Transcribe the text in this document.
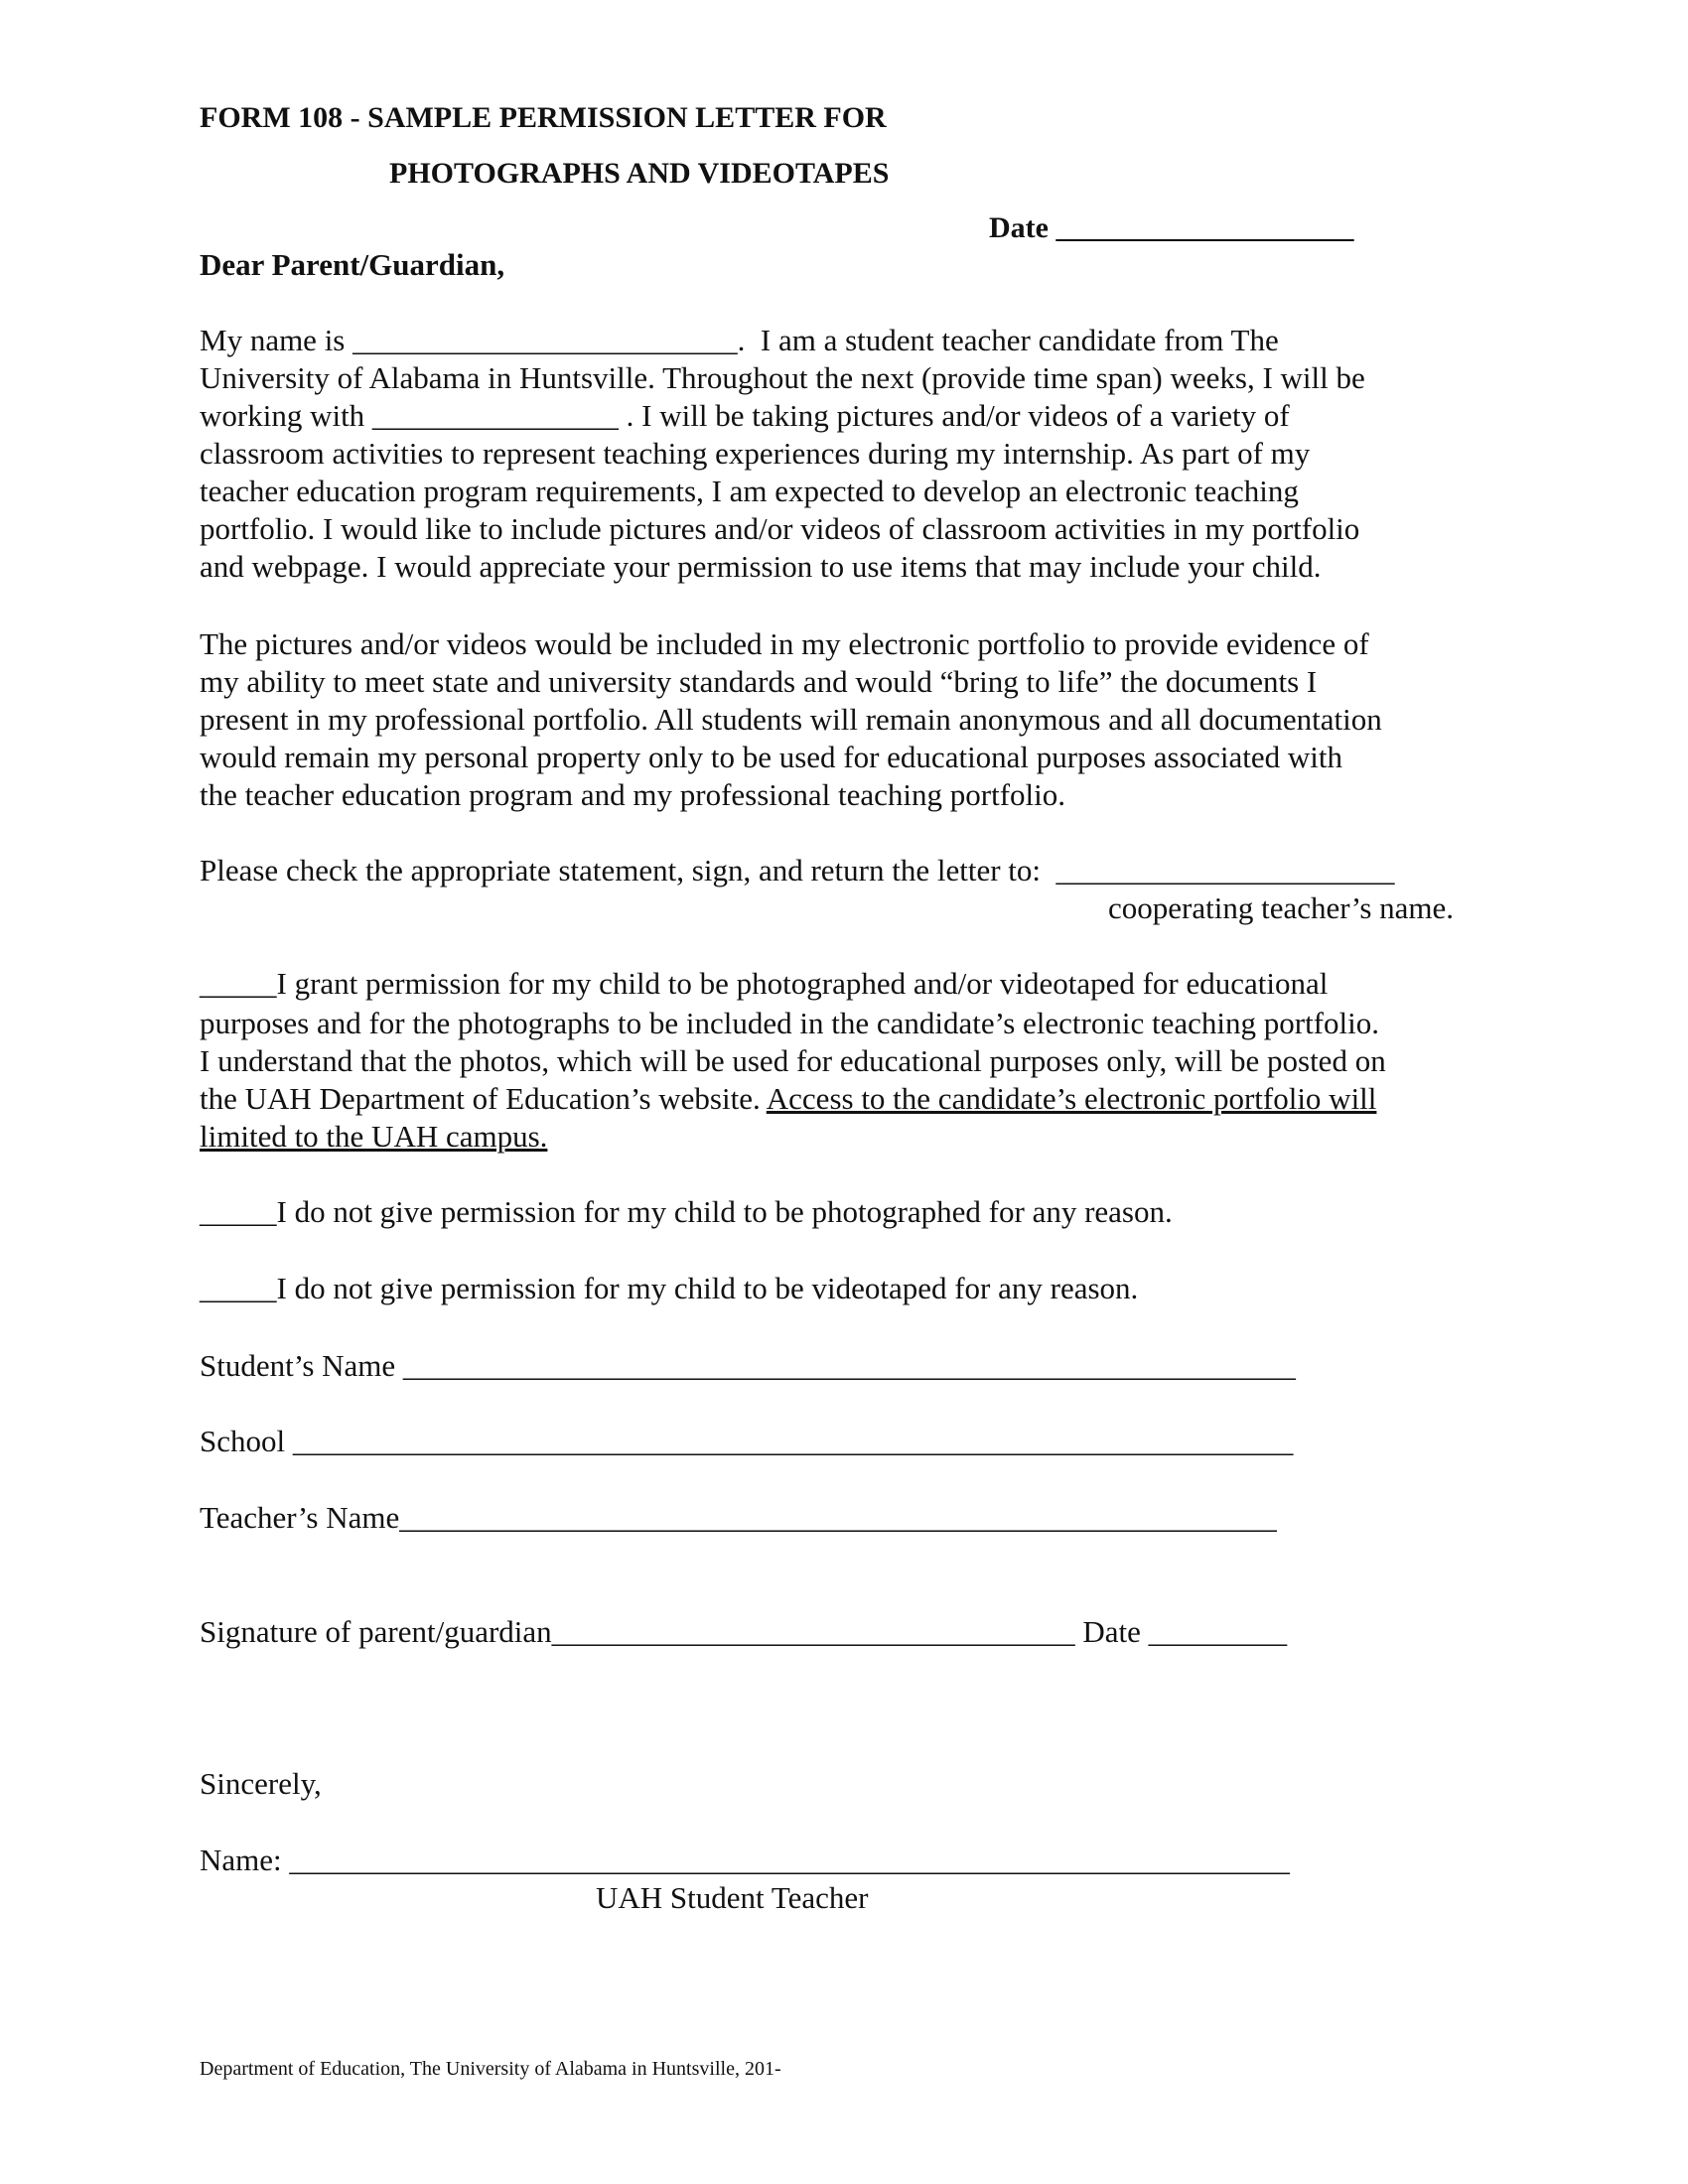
FORM 108 - SAMPLE PERMISSION LETTER FOR
PHOTOGRAPHS AND VIDEOTAPES
Date ____________________
Dear Parent/Guardian,
My name is _________________________.  I am a student teacher candidate from The
University of Alabama in Huntsville. Throughout the next (provide time span) weeks, I will be
working with ________________ . I will be taking pictures and/or videos of a variety of
classroom activities to represent teaching experiences during my internship. As part of my
teacher education program requirements, I am expected to develop an electronic teaching
portfolio. I would like to include pictures and/or videos of classroom activities in my portfolio
and webpage. I would appreciate your permission to use items that may include your child.
The pictures and/or videos would be included in my electronic portfolio to provide evidence of
my ability to meet state and university standards and would “bring to life” the documents I
present in my professional portfolio. All students will remain anonymous and all documentation
would remain my personal property only to be used for educational purposes associated with
the teacher education program and my professional teaching portfolio.
Please check the appropriate statement, sign, and return the letter to:  ______________________
cooperating teacher’s name.
_____I grant permission for my child to be photographed and/or videotaped for educational
purposes and for the photographs to be included in the candidate’s electronic teaching portfolio.
I understand that the photos, which will be used for educational purposes only, will be posted on
the UAH Department of Education’s website. Access to the candidate’s electronic portfolio will
limited to the UAH campus.
_____I do not give permission for my child to be photographed for any reason.
_____I do not give permission for my child to be videotaped for any reason.
Student’s Name __________________________________________________________
School _________________________________________________________________
Teacher’s Name_________________________________________________________
Signature of parent/guardian__________________________________ Date _________
Sincerely,
Name: _________________________________________________________________
UAH Student Teacher
Department of Education, The University of Alabama in Huntsville, 201-
